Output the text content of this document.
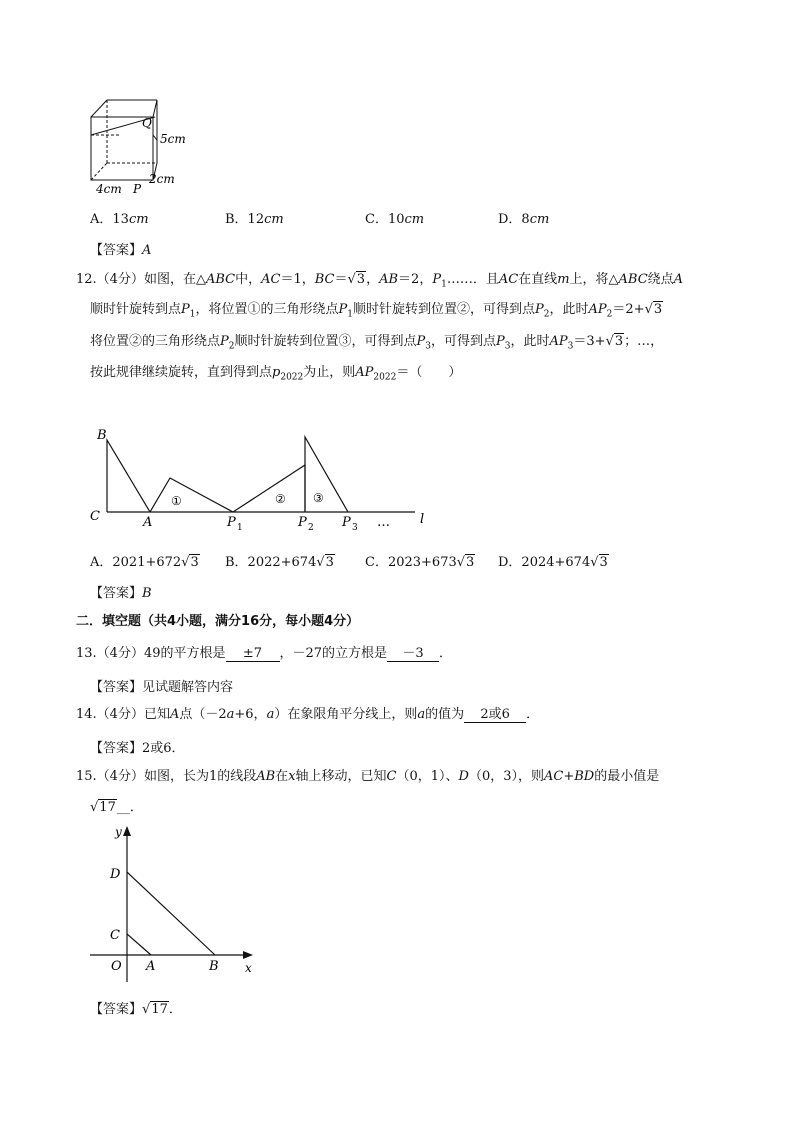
Q
5cm
2cm
4cm P
A．13cm	B．12cm	C．10cm	D．8cm
【答案】A
12.（4分）如图，在△ABC中，AC＝1，BC＝√3，AB＝2，$P_1\dots\dots$．且AC在直线m上，将△ABC绕点A
顺时针旋转到点$P_1$，将位置①的三角形绕点$P_1$顺时针旋转到位置②，可得到点$P_2$，此时$AP_2=2+√3$
将位置②的三角形绕点$P_2$顺时针旋转到位置③，可得到点$P_3$，可得到点$P_3$，此时$AP_3=3+√3$；…，
按此规律继续旋转，直到得到点$p_{2022}$为止，则$AP_{2022}=$（　　）
B
C	A	P 1	P 2 P 3 … l
①	② ③
A．2021+672√3 B．2022+674√3 C．2023+673√3 D．2024+674√3
【答案】B
二．填空题（共4小题，满分16分，每小题4分）
13.（4分）49的平方根是 ±7 ，－27的立方根是 －3 ．
【答案】见试题解答内容
14.（4分）已知A点（－2a+6，a）在象限角平分线上，则a的值为 2或6 ．
【答案】2或6．
15.（4分）如图，长为1的线段AB在x轴上移动，已知C（0，1）、D（0，3），则AC+BD的最小值是
√17__．
y
D
C
O A	B x
【答案】√17．
